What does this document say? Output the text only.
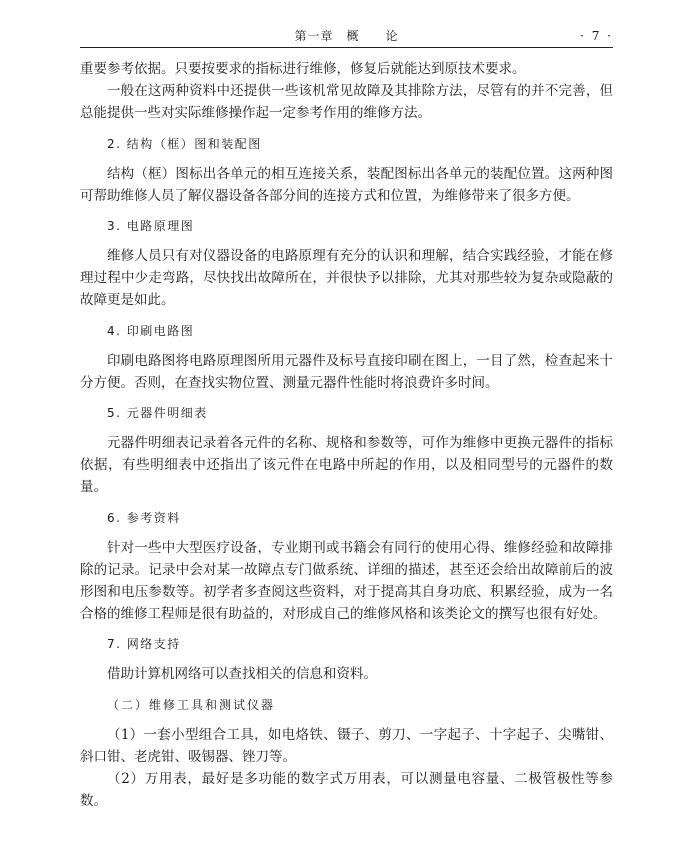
第一章　概　　论	· 7 ·

重要参考依据。只要按要求的指标进行维修，修复后就能达到原技术要求。

一般在这两种资料中还提供一些该机常见故障及其排除方法，尽管有的并不完善，但总能提供一些对实际维修操作起一定参考作用的维修方法。

2. 结构（框）图和装配图

结构（框）图标出各单元的相互连接关系，装配图标出各单元的装配位置。这两种图可帮助维修人员了解仪器设备各部分间的连接方式和位置，为维修带来了很多方便。

3. 电路原理图

维修人员只有对仪器设备的电路原理有充分的认识和理解，结合实践经验，才能在修理过程中少走弯路，尽快找出故障所在，并很快予以排除，尤其对那些较为复杂或隐蔽的故障更是如此。

4. 印刷电路图

印刷电路图将电路原理图所用元器件及标号直接印刷在图上，一目了然，检查起来十分方便。否则，在查找实物位置、测量元器件性能时将浪费许多时间。

5. 元器件明细表

元器件明细表记录着各元件的名称、规格和参数等，可作为维修中更换元器件的指标依据，有些明细表中还指出了该元件在电路中所起的作用，以及相同型号的元器件的数量。

6. 参考资料

针对一些中大型医疗设备，专业期刊或书籍会有同行的使用心得、维修经验和故障排除的记录。记录中会对某一故障点专门做系统、详细的描述，甚至还会给出故障前后的波形图和电压参数等。初学者多查阅这些资料，对于提高其自身功底、积累经验，成为一名合格的维修工程师是很有助益的，对形成自己的维修风格和该类论文的撰写也很有好处。

7. 网络支持

借助计算机网络可以查找相关的信息和资料。

（二）维修工具和测试仪器

（1）一套小型组合工具，如电烙铁、镊子、剪刀、一字起子、十字起子、尖嘴钳、斜口钳、老虎钳、吸锡器、锉刀等。

（2）万用表，最好是多功能的数字式万用表，可以测量电容量、二极管极性等参数。
